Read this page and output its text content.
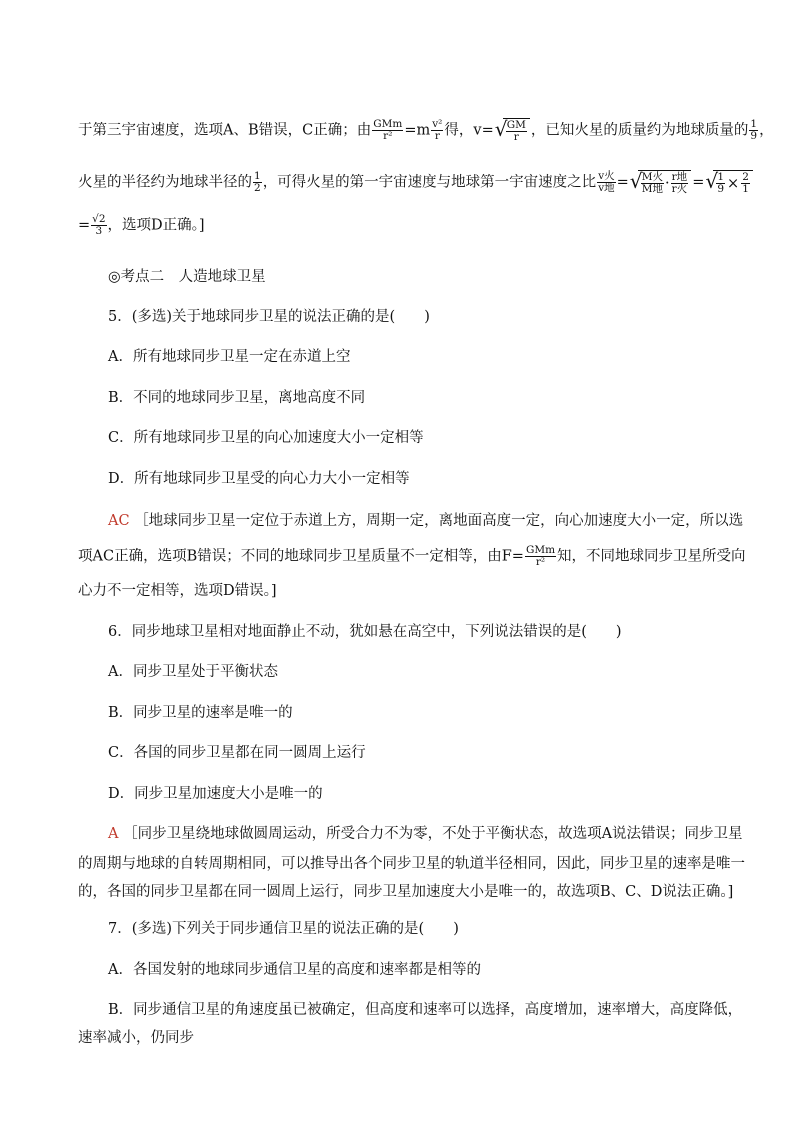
于第三宇宙速度，选项A、B错误，C正确；由 $\frac{\text{GMm}}{\text{r²}} =m \frac{\text{v²}}{r}$ 得，v= √
$\frac{GM}{r}$ ，已知火星的质量约为地球质量的 $\frac{1}{9}$ ，
火星的半径约为地球半径的 $\frac{1}{2}$ ，可得火星的第一宇宙速度与地球第一宇宙速度之比 $\frac{\text{v火}}{\text{v地}}$ = √
$\frac{\text{M火}}{\text{M地}} \cdot \frac{\text{r地}}{\text{r火}}$ = √
$\frac{1}{9} \times \frac{2}{1}$
= $\frac{√2}{3}$ ，选项D正确。]
◎考点二　人造地球卫星
5．(多选)关于地球同步卫星的说法正确的是(　　)
A．所有地球同步卫星一定在赤道上空
B．不同的地球同步卫星，离地高度不同
C．所有地球同步卫星的向心加速度大小一定相等
D．所有地球同步卫星受的向心力大小一定相等
AC ［地球同步卫星一定位于赤道上方，周期一定，离地面高度一定，向心加速度大小一定，所以选
项AC正确，选项B错误；不同的地球同步卫星质量不一定相等，由$F= \frac{\text{GMm}}{\text{r²}}$ 知，不同地球同步卫星所受向
心力不一定相等，选项D错误。]
6．同步地球卫星相对地面静止不动，犹如悬在高空中，下列说法错误的是(　　)
A．同步卫星处于平衡状态
B．同步卫星的速率是唯一的
C．各国的同步卫星都在同一圆周上运行
D．同步卫星加速度大小是唯一的
A ［同步卫星绕地球做圆周运动，所受合力不为零，不处于平衡状态，故选项A说法错误；同步卫星
的周期与地球的自转周期相同，可以推导出各个同步卫星的轨道半径相同，因此，同步卫星的速率是唯一
的，各国的同步卫星都在同一圆周上运行，同步卫星加速度大小是唯一的，故选项B、C、D说法正确。]
7．(多选)下列关于同步通信卫星的说法正确的是(　　)
A．各国发射的地球同步通信卫星的高度和速率都是相等的
B．同步通信卫星的角速度虽已被确定，但高度和速率可以选择，高度增加，速率增大，高度降低，
速率减小，仍同步
